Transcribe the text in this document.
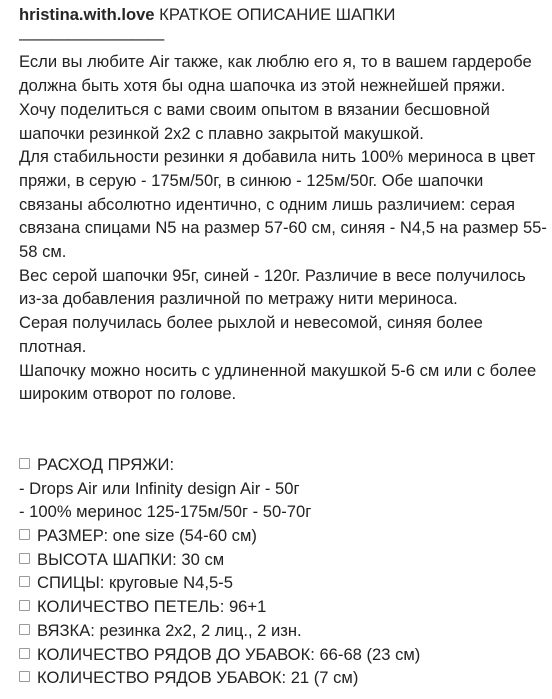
hristina.with.love КРАТКОЕ ОПИСАНИЕ ШАПКИ
—————————
Если вы любите Air также, как люблю его я, то в вашем гардеробе должна быть хотя бы одна шапочка из этой нежнейшей пряжи.
Хочу поделиться с вами своим опытом в вязании бесшовной шапочки резинкой 2х2 с плавно закрытой макушкой.
Для стабильности резинки я добавила нить 100% мериноса в цвет пряжи, в серую - 175м/50г, в синюю - 125м/50г. Обе шапочки связаны абсолютно идентично, с одним лишь различием: серая связана спицами N5 на размер 57-60 см, синяя - N4,5 на размер 55-58 см.
Вес серой шапочки 95г, синей - 120г. Различие в весе получилось из-за добавления различной по метражу нити мериноса.
Серая получилась более рыхлой и невесомой, синяя более плотная.
Шапочку можно носить с удлиненной макушкой 5-6 см или с более широким отворот по голове.
РАСХОД ПРЯЖИ:
- Drops Air или Infinity design Air - 50г
- 100% меринос 125-175м/50г - 50-70г
РАЗМЕР: one size (54-60 см)
ВЫСОТА ШАПКИ: 30 см
СПИЦЫ: круговые N4,5-5
КОЛИЧЕСТВО ПЕТЕЛЬ: 96+1
ВЯЗКА: резинка 2х2, 2 лиц., 2 изн.
КОЛИЧЕСТВО РЯДОВ ДО УБАВОК: 66-68 (23 см)
КОЛИЧЕСТВО РЯДОВ УБАВОК: 21 (7 см)
